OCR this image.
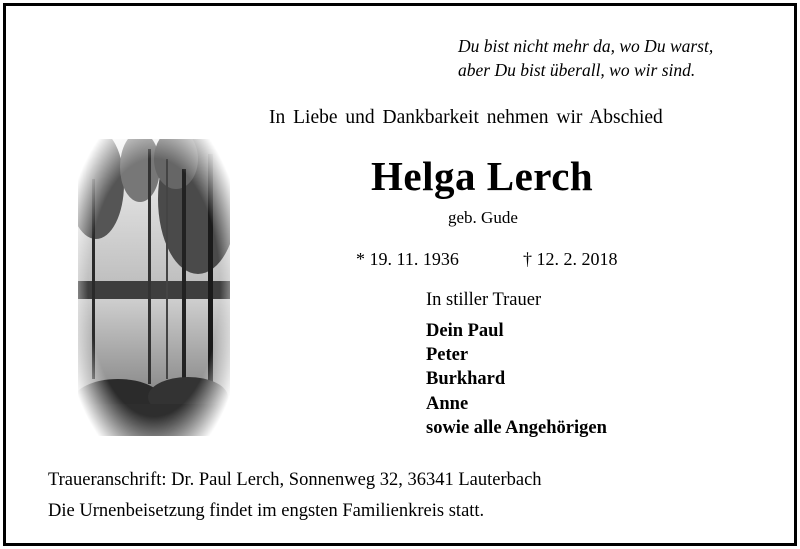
Du bist nicht mehr da, wo Du warst,
aber Du bist überall, wo wir sind.
In Liebe und Dankbarkeit nehmen wir Abschied
Helga Lerch
geb. Gude
* 19. 11. 1936	† 12. 2. 2018
In stiller Trauer
Dein Paul
Peter
Burkhard
Anne
sowie alle Angehörigen
Traueranschrift: Dr. Paul Lerch, Sonnenweg 32, 36341 Lauterbach
Die Urnenbeisetzung findet im engsten Familienkreis statt.
